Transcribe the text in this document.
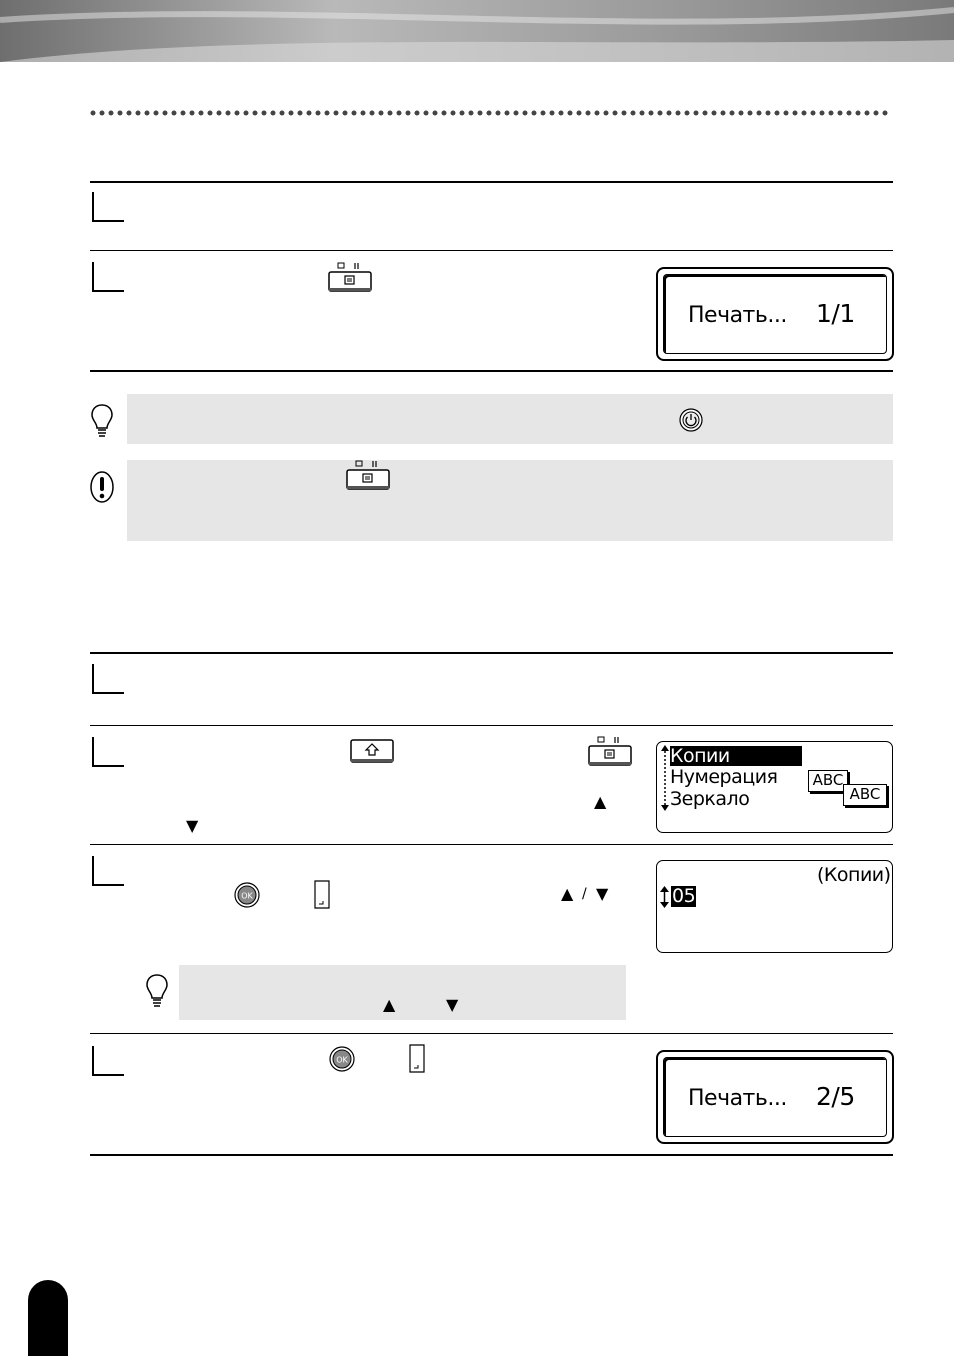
Печать... 1/1
▲
▼
Копии
Нумерация
Зеркало
ABC
ABC
OK	▲ / ▼
(Копии)
05
▲	▼
OK
Печать... 2/5
